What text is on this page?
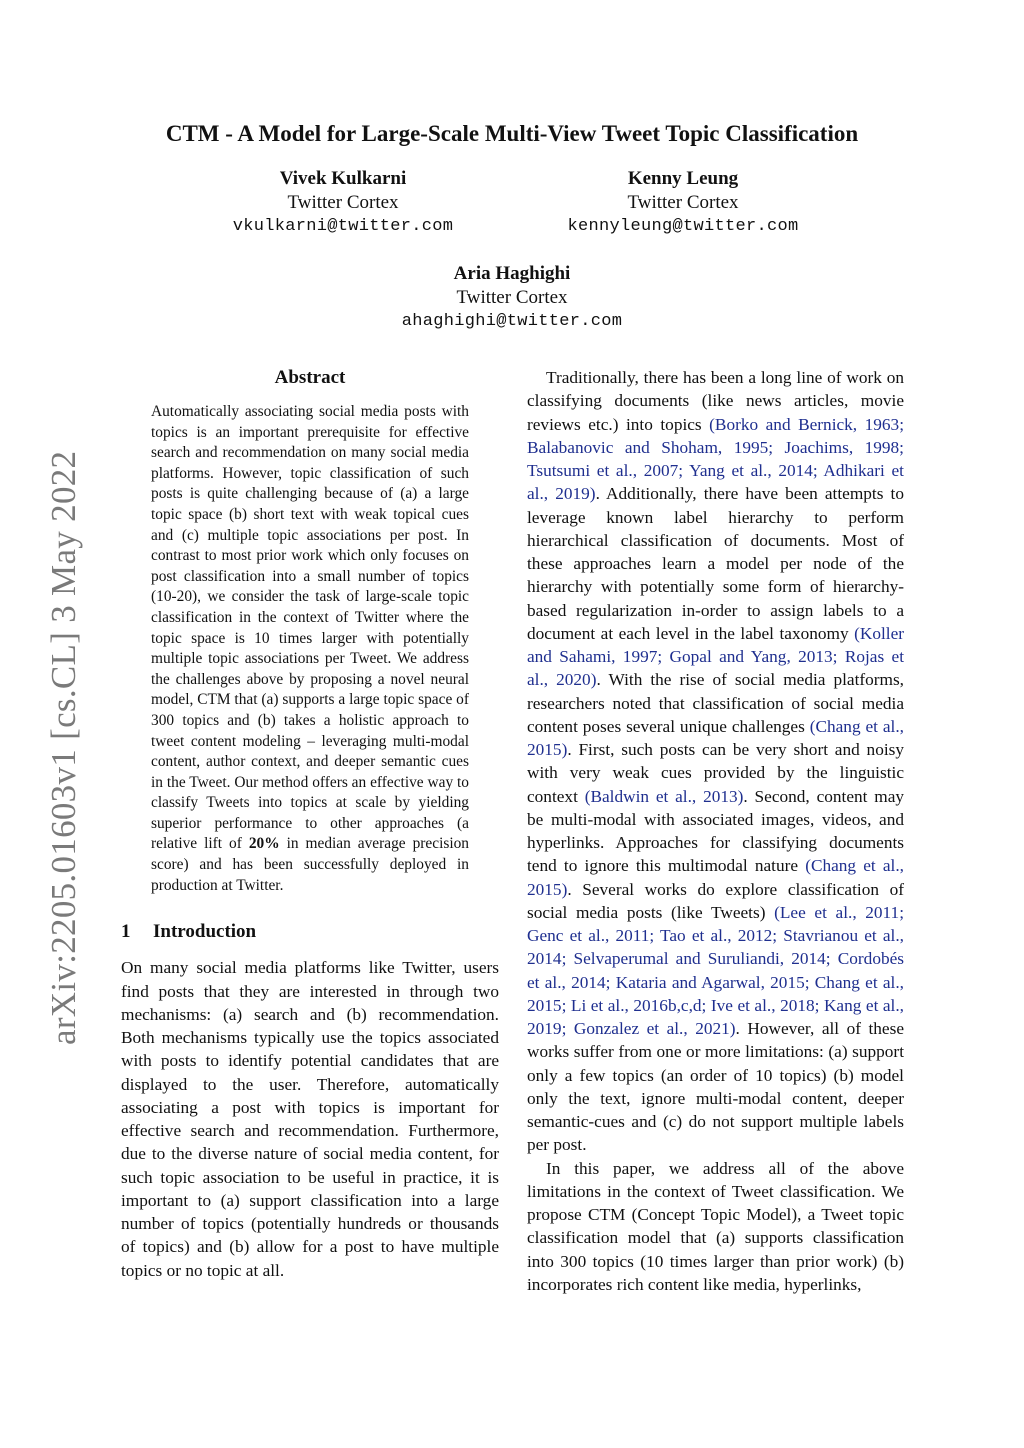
arXiv:2205.01603v1 [cs.CL] 3 May 2022
CTM - A Model for Large-Scale Multi-View Tweet Topic Classification
Vivek Kulkarni
Twitter Cortex
vkulkarni@twitter.com
Kenny Leung
Twitter Cortex
kennyleung@twitter.com
Aria Haghighi
Twitter Cortex
ahaghighi@twitter.com
Abstract
Automatically associating social media posts with topics is an important prerequisite for effective search and recommendation on many social media platforms. However, topic classification of such posts is quite challenging because of (a) a large topic space (b) short text with weak topical cues and (c) multiple topic associations per post. In contrast to most prior work which only focuses on post classification into a small number of topics (10-20), we consider the task of large-scale topic classification in the context of Twitter where the topic space is 10 times larger with potentially multiple topic associations per Tweet. We address the challenges above by proposing a novel neural model, CTM that (a) supports a large topic space of 300 topics and (b) takes a holistic approach to tweet content modeling – leveraging multi-modal content, author context, and deeper semantic cues in the Tweet. Our method offers an effective way to classify Tweets into topics at scale by yielding superior performance to other approaches (a relative lift of 20% in median average precision score) and has been successfully deployed in production at Twitter.
1 Introduction

On many social media platforms like Twitter, users find posts that they are interested in through two mechanisms: (a) search and (b) recommendation. Both mechanisms typically use the topics associated with posts to identify potential candidates that are displayed to the user. Therefore, automatically associating a post with topics is important for effective search and recommendation. Furthermore, due to the diverse nature of social media content, for such topic association to be useful in practice, it is important to (a) support classification into a large number of topics (potentially hundreds or thousands of topics) and (b) allow for a post to have multiple topics or no topic at all.

Traditionally, there has been a long line of work on classifying documents (like news articles, movie reviews etc.) into topics (Borko and Bernick, 1963; Balabanovic and Shoham, 1995; Joachims, 1998; Tsutsumi et al., 2007; Yang et al., 2014; Adhikari et al., 2019). Additionally, there have been attempts to leverage known label hierarchy to perform hierarchical classification of documents. Most of these approaches learn a model per node of the hierarchy with potentially some form of hierarchy-based regularization in-order to assign labels to a document at each level in the label taxonomy (Koller and Sahami, 1997; Gopal and Yang, 2013; Rojas et al., 2020). With the rise of social media platforms, researchers noted that classification of social media content poses several unique challenges (Chang et al., 2015). First, such posts can be very short and noisy with very weak cues provided by the linguistic context (Baldwin et al., 2013). Second, content may be multi-modal with associated images, videos, and hyperlinks. Approaches for classifying documents tend to ignore this multimodal nature (Chang et al., 2015). Several works do explore classification of social media posts (like Tweets) (Lee et al., 2011; Genc et al., 2011; Tao et al., 2012; Stavrianou et al., 2014; Selvaperumal and Suruliandi, 2014; Cordobés et al., 2014; Kataria and Agarwal, 2015; Chang et al., 2015; Li et al., 2016b,c,d; Ive et al., 2018; Kang et al., 2019; Gonzalez et al., 2021). However, all of these works suffer from one or more limitations: (a) support only a few topics (an order of 10 topics) (b) model only the text, ignore multi-modal content, deeper semantic-cues and (c) do not support multiple labels per post.

In this paper, we address all of the above limitations in the context of Tweet classification. We propose CTM (Concept Topic Model), a Tweet topic classification model that (a) supports classification into 300 topics (10 times larger than prior work) (b) incorporates rich content like media, hyperlinks,
